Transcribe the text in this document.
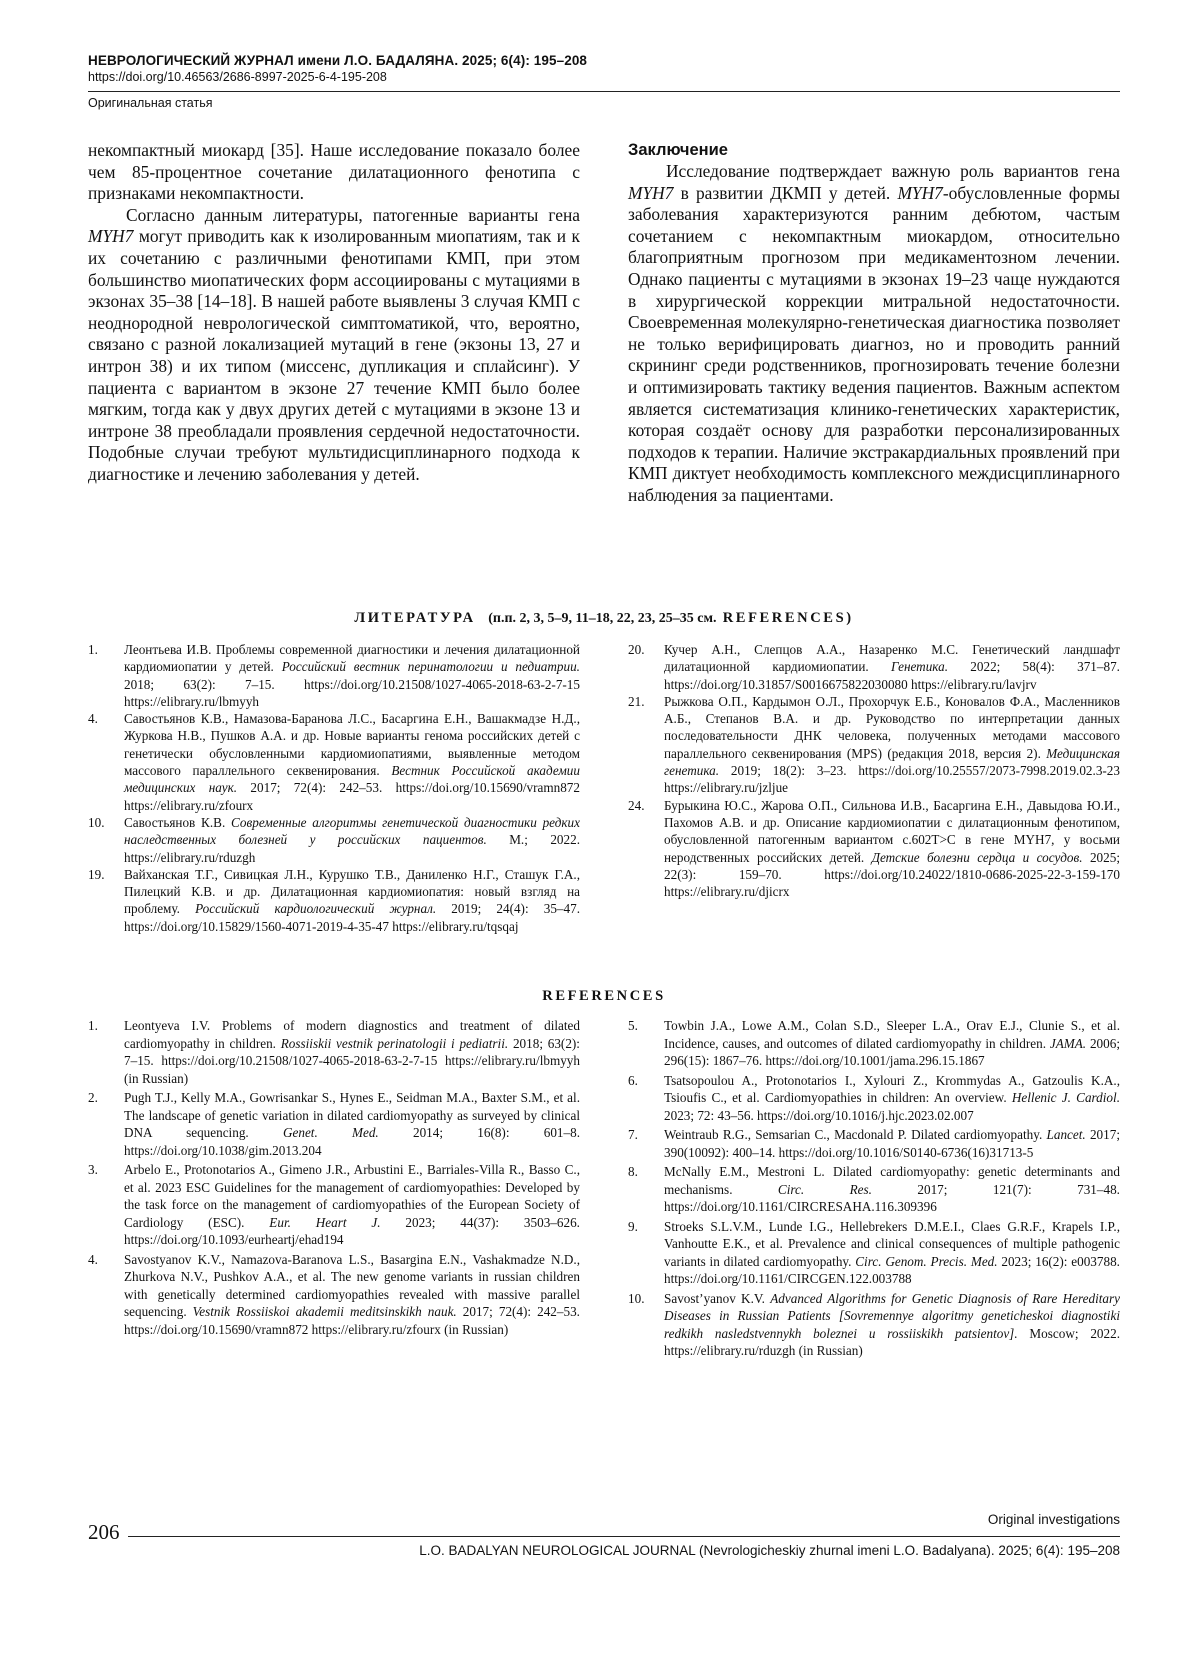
НЕВРОЛОГИЧЕСКИЙ ЖУРНАЛ имени Л.О. БАДАЛЯНА. 2025; 6(4): 195–208
https://doi.org/10.46563/2686-8997-2025-6-4-195-208
Оригинальная статья

некомпактный миокард [35]. Наше исследование показало более чем 85-процентное сочетание дилатационного фенотипа с признаками некомпактности.

Согласно данным литературы, патогенные варианты гена MYH7 могут приводить как к изолированным миопатиям, так и к их сочетанию с различными фенотипами КМП, при этом большинство миопатических форм ассоциированы с мутациями в экзонах 35–38 [14–18]. В нашей работе выявлены 3 случая КМП с неоднородной неврологической симптоматикой, что, вероятно, связано с разной локализацией мутаций в гене (экзоны 13, 27 и интрон 38) и их типом (миссенс, дупликация и сплайсинг). У пациента с вариантом в экзоне 27 течение КМП было более мягким, тогда как у двух других детей с мутациями в экзоне 13 и интроне 38 преобладали проявления сердечной недостаточности. Подобные случаи требуют мультидисциплинарного подхода к диагностике и лечению заболевания у детей.

Заключение

Исследование подтверждает важную роль вариантов гена MYH7 в развитии ДКМП у детей. MYH7-обусловленные формы заболевания характеризуются ранним дебютом, частым сочетанием с некомпактным миокардом, относительно благоприятным прогнозом при медикаментозном лечении. Однако пациенты с мутациями в экзонах 19–23 чаще нуждаются в хирургической коррекции митральной недостаточности. Своевременная молекулярно-генетическая диагностика позволяет не только верифицировать диагноз, но и проводить ранний скрининг среди родственников, прогнозировать течение болезни и оптимизировать тактику ведения пациентов. Важным аспектом является систематизация клинико-генетических характеристик, которая создаёт основу для разработки персонализированных подходов к терапии. Наличие экстракардиальных проявлений при КМП диктует необходимость комплексного междисциплинарного наблюдения за пациентами.

ЛИТЕРАТУРА (п.п. 2, 3, 5–9, 11–18, 22, 23, 25–35 см. REFERENCES)
1. Леонтьева И.В. Проблемы современной диагностики и лечения дилатационной кардиомиопатии у детей. Российский вестник перинатологии и педиатрии. 2018; 63(2): 7–15. https://doi.org/10.21508/1027-4065-2018-63-2-7-15 https://elibrary.ru/lbmyyh
4. Савостьянов К.В., Намазова-Баранова Л.С., Басаргина Е.Н., Вашакмадзе Н.Д., Журкова Н.В., Пушков А.А. и др. Новые варианты генома российских детей с генетически обусловленными кардиомиопатиями, выявленные методом массового параллельного секвенирования. Вестник Российской академии медицинских наук. 2017; 72(4): 242–53. https://doi.org/10.15690/vramn872 https://elibrary.ru/zfourx
10. Савостьянов К.В. Современные алгоритмы генетической диагностики редких наследственных болезней у российских пациентов. М.; 2022. https://elibrary.ru/rduzgh
19. Вайханская Т.Г., Сивицкая Л.Н., Курушко Т.В., Даниленко Н.Г., Сташук Г.А., Пилецкий К.В. и др. Дилатационная кардиомиопатия: новый взгляд на проблему. Российский кардиологический журнал. 2019; 24(4): 35–47. https://doi.org/10.15829/1560-4071-2019-4-35-47 https://elibrary.ru/tqsqaj
20. Кучер А.Н., Слепцов А.А., Назаренко М.С. Генетический ландшафт дилатационной кардиомиопатии. Генетика. 2022; 58(4): 371–87. https://doi.org/10.31857/S0016675822030080 https://elibrary.ru/lavjrv
21. Рыжкова О.П., Кардымон О.Л., Прохорчук Е.Б., Коновалов Ф.А., Масленников А.Б., Степанов В.А. и др. Руководство по интерпретации данных последовательности ДНК человека, полученных методами массового параллельного секвенирования (MPS) (редакция 2018, версия 2). Медицинская генетика. 2019; 18(2): 3–23. https://doi.org/10.25557/2073-7998.2019.02.3-23 https://elibrary.ru/jzljue
24. Бурыкина Ю.С., Жарова О.П., Сильнова И.В., Басаргина Е.Н., Давыдова Ю.И., Пахомов А.В. и др. Описание кардиомиопатии с дилатационным фенотипом, обусловленной патогенным вариантом с.602T>C в гене MYH7, у восьми неродственных российских детей. Детские болезни сердца и сосудов. 2025; 22(3): 159–70. https://doi.org/10.24022/1810-0686-2025-22-3-159-170 https://elibrary.ru/djicrx
REFERENCES
1. Leontyeva I.V. Problems of modern diagnostics and treatment of dilated cardiomyopathy in children. Rossiiskii vestnik perinatologii i pediatrii. 2018; 63(2): 7–15. https://doi.org/10.21508/1027-4065-2018-63-2-7-15 https://elibrary.ru/lbmyyh (in Russian)
2. Pugh T.J., Kelly M.A., Gowrisankar S., Hynes E., Seidman M.A., Baxter S.M., et al. The landscape of genetic variation in dilated cardiomyopathy as surveyed by clinical DNA sequencing. Genet. Med. 2014; 16(8): 601–8. https://doi.org/10.1038/gim.2013.204
3. Arbelo E., Protonotarios A., Gimeno J.R., Arbustini E., Barriales-Villa R., Basso C., et al. 2023 ESC Guidelines for the management of cardiomyopathies: Developed by the task force on the management of cardiomyopathies of the European Society of Cardiology (ESC). Eur. Heart J. 2023; 44(37): 3503–626. https://doi.org/10.1093/eurheartj/ehad194
4. Savostyanov K.V., Namazova-Baranova L.S., Basargina E.N., Vashakmadze N.D., Zhurkova N.V., Pushkov A.A., et al. The new genome variants in russian children with genetically determined cardiomyopathies revealed with massive parallel sequencing. Vestnik Rossiiskoi akademii meditsinskikh nauk. 2017; 72(4): 242–53. https://doi.org/10.15690/vramn872 https://elibrary.ru/zfourx (in Russian)
5. Towbin J.A., Lowe A.M., Colan S.D., Sleeper L.A., Orav E.J., Clunie S., et al. Incidence, causes, and outcomes of dilated cardiomyopathy in children. JAMA. 2006; 296(15): 1867–76. https://doi.org/10.1001/jama.296.15.1867
6. Tsatsopoulou A., Protonotarios I., Xylouri Z., Krommydas A., Gatzoulis K.A., Tsioufis C., et al. Cardiomyopathies in children: An overview. Hellenic J. Cardiol. 2023; 72: 43–56. https://doi.org/10.1016/j.hjc.2023.02.007
7. Weintraub R.G., Semsarian C., Macdonald P. Dilated cardiomyopathy. Lancet. 2017; 390(10092): 400–14. https://doi.org/10.1016/S0140-6736(16)31713-5
8. McNally E.M., Mestroni L. Dilated cardiomyopathy: genetic determinants and mechanisms. Circ. Res. 2017; 121(7): 731–48. https://doi.org/10.1161/CIRCRESAHA.116.309396
9. Stroeks S.L.V.M., Lunde I.G., Hellebrekers D.M.E.I., Claes G.R.F., Krapels I.P., Vanhoutte E.K., et al. Prevalence and clinical consequences of multiple pathogenic variants in dilated cardiomyopathy. Circ. Genom. Precis. Med. 2023; 16(2): e003788. https://doi.org/10.1161/CIRCGEN.122.003788
10. Savost’yanov K.V. Advanced Algorithms for Genetic Diagnosis of Rare Hereditary Diseases in Russian Patients [Sovremennye algoritmy geneticheskoi diagnostiki redkikh nasledstvennykh boleznei u rossiiskikh patsientov]. Moscow; 2022. https://elibrary.ru/rduzgh (in Russian)
Original investigations
206
L.O. BADALYAN NEUROLOGICAL JOURNAL (Nevrologicheskiy zhurnal imeni L.O. Badalyana). 2025; 6(4): 195–208
